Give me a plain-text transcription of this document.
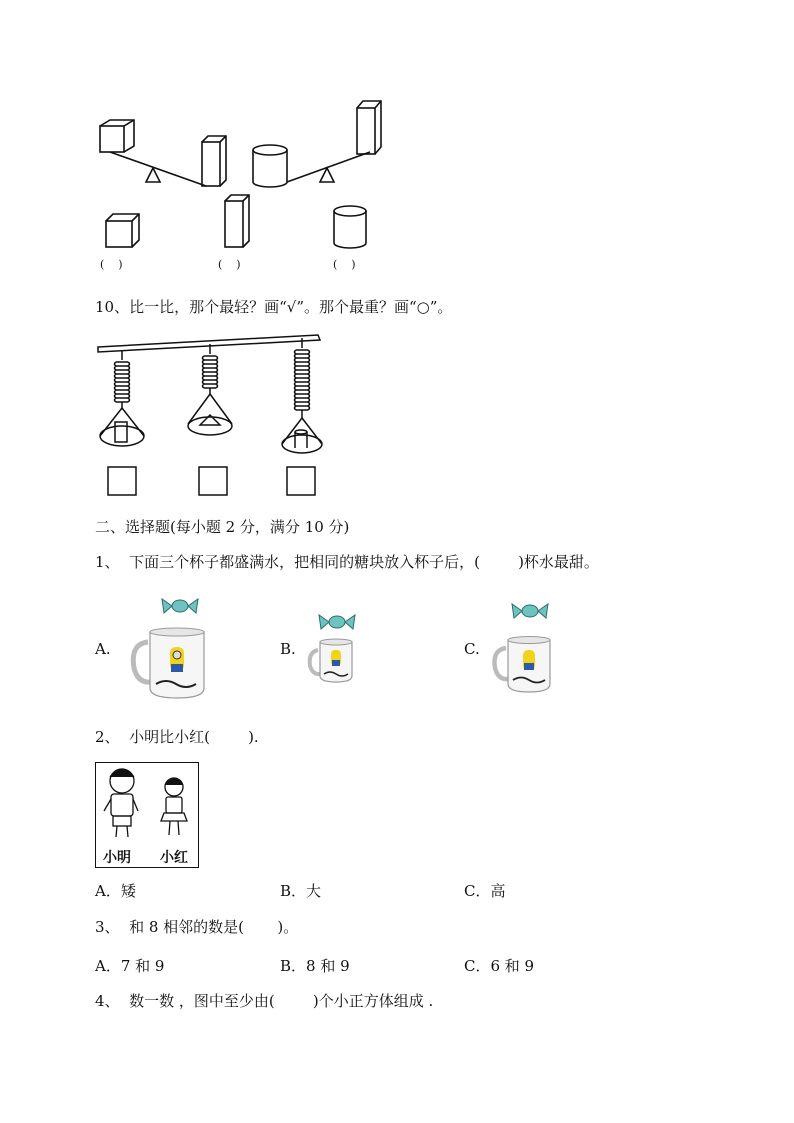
(    )	(    )	(    )
10、比一比，那个最轻？画“√”。那个最重？画“○”。
二、选择题(每小题 2 分，满分 10 分)
1、  下面三个杯子都盛满水，把相同的糖块放入杯子后，(        )杯水最甜。
A.	B.	C.
2、  小明比小红(        ).
小明 小红
A．矮	B．大	C．高
3、  和 8 相邻的数是(       )。
A．7 和 9	B．8 和 9	C．6 和 9
4、  数一数 ，图中至少由(        )个小正方体组成 .
